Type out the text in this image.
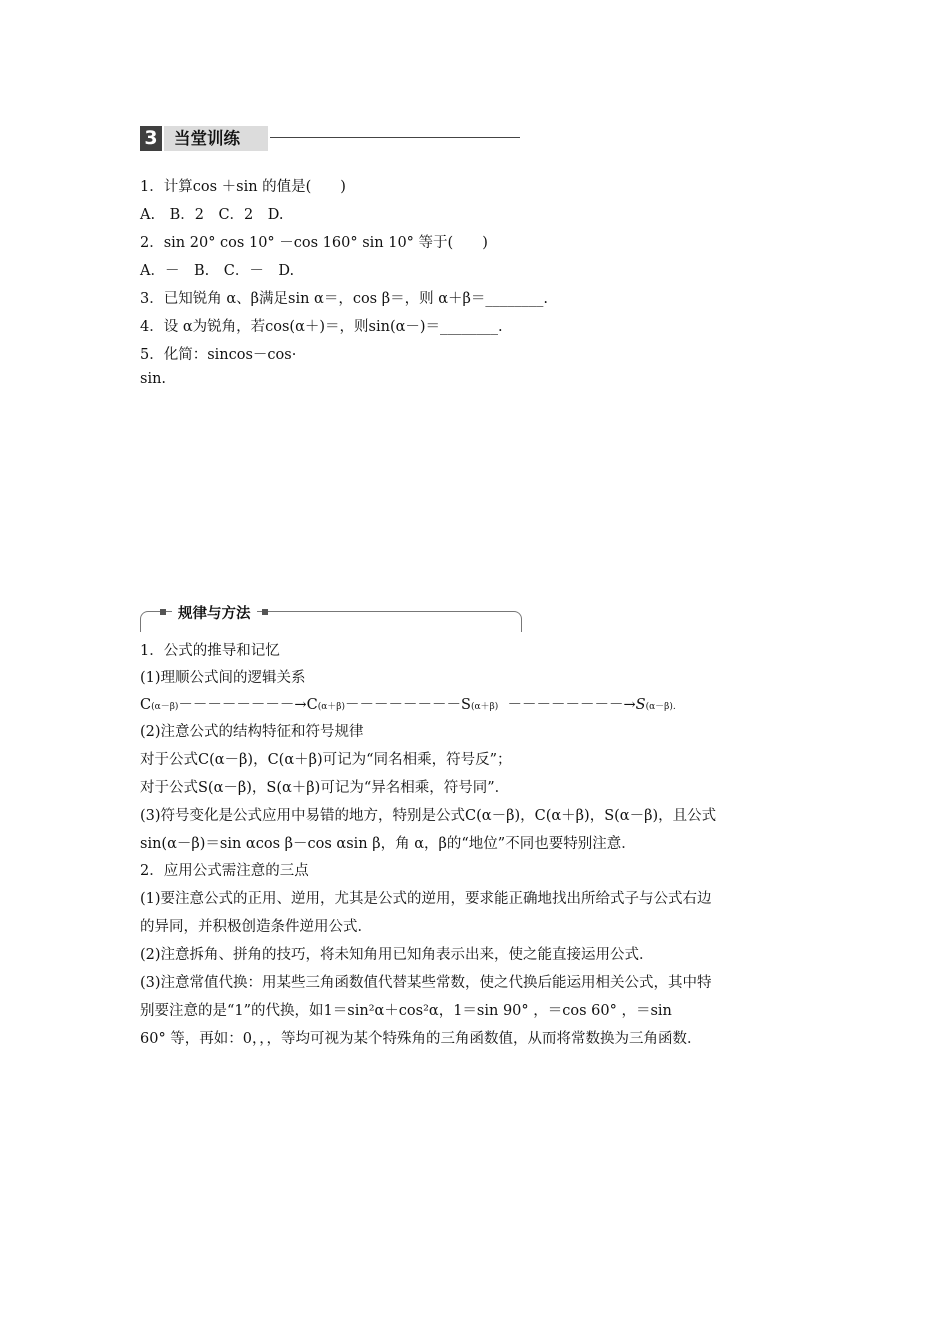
3 当堂训练
1．计算cos ＋sin 的值是(　　)
A.　B．2　C．2　D.
2．sin 20° cos 10° －cos 160° sin 10° 等于(　　)
A．－　B.　C．－　D.
3．已知锐角 α、β满足sin α＝，cos β＝，则 α＋β＝________.
4．设 α为锐角，若cos(α＋)＝，则sin(α－)＝________.
5．化简：sincos－cos·
sin.
规律与方法
1．公式的推导和记忆
(1)理顺公式间的逻辑关系
C(α－β)－－－－－－－－→C(α＋β)－－－－－－－－S(α＋β) －－－－－－－－→S(α－β).
(2)注意公式的结构特征和符号规律
对于公式C(α－β)，C(α＋β)可记为“同名相乘，符号反”；
对于公式S(α－β)，S(α＋β)可记为“异名相乘，符号同”．
(3)符号变化是公式应用中易错的地方，特别是公式C(α－β)，C(α＋β)，S(α－β)，且公式
sin(α－β)＝sin αcos β－cos αsin β，角 α，β的“地位”不同也要特别注意．
2．应用公式需注意的三点
(1)要注意公式的正用、逆用，尤其是公式的逆用，要求能正确地找出所给式子与公式右边
的异同，并积极创造条件逆用公式．
(2)注意拆角、拼角的技巧，将未知角用已知角表示出来，使之能直接运用公式．
(3)注意常值代换：用某些三角函数值代替某些常数，使之代换后能运用相关公式，其中特
别要注意的是“1”的代换，如1＝sin²α＋cos²α，1＝sin 90° ，＝cos 60° ，＝sin
60° 等，再如：0，，，等均可视为某个特殊角的三角函数值，从而将常数换为三角函数．
